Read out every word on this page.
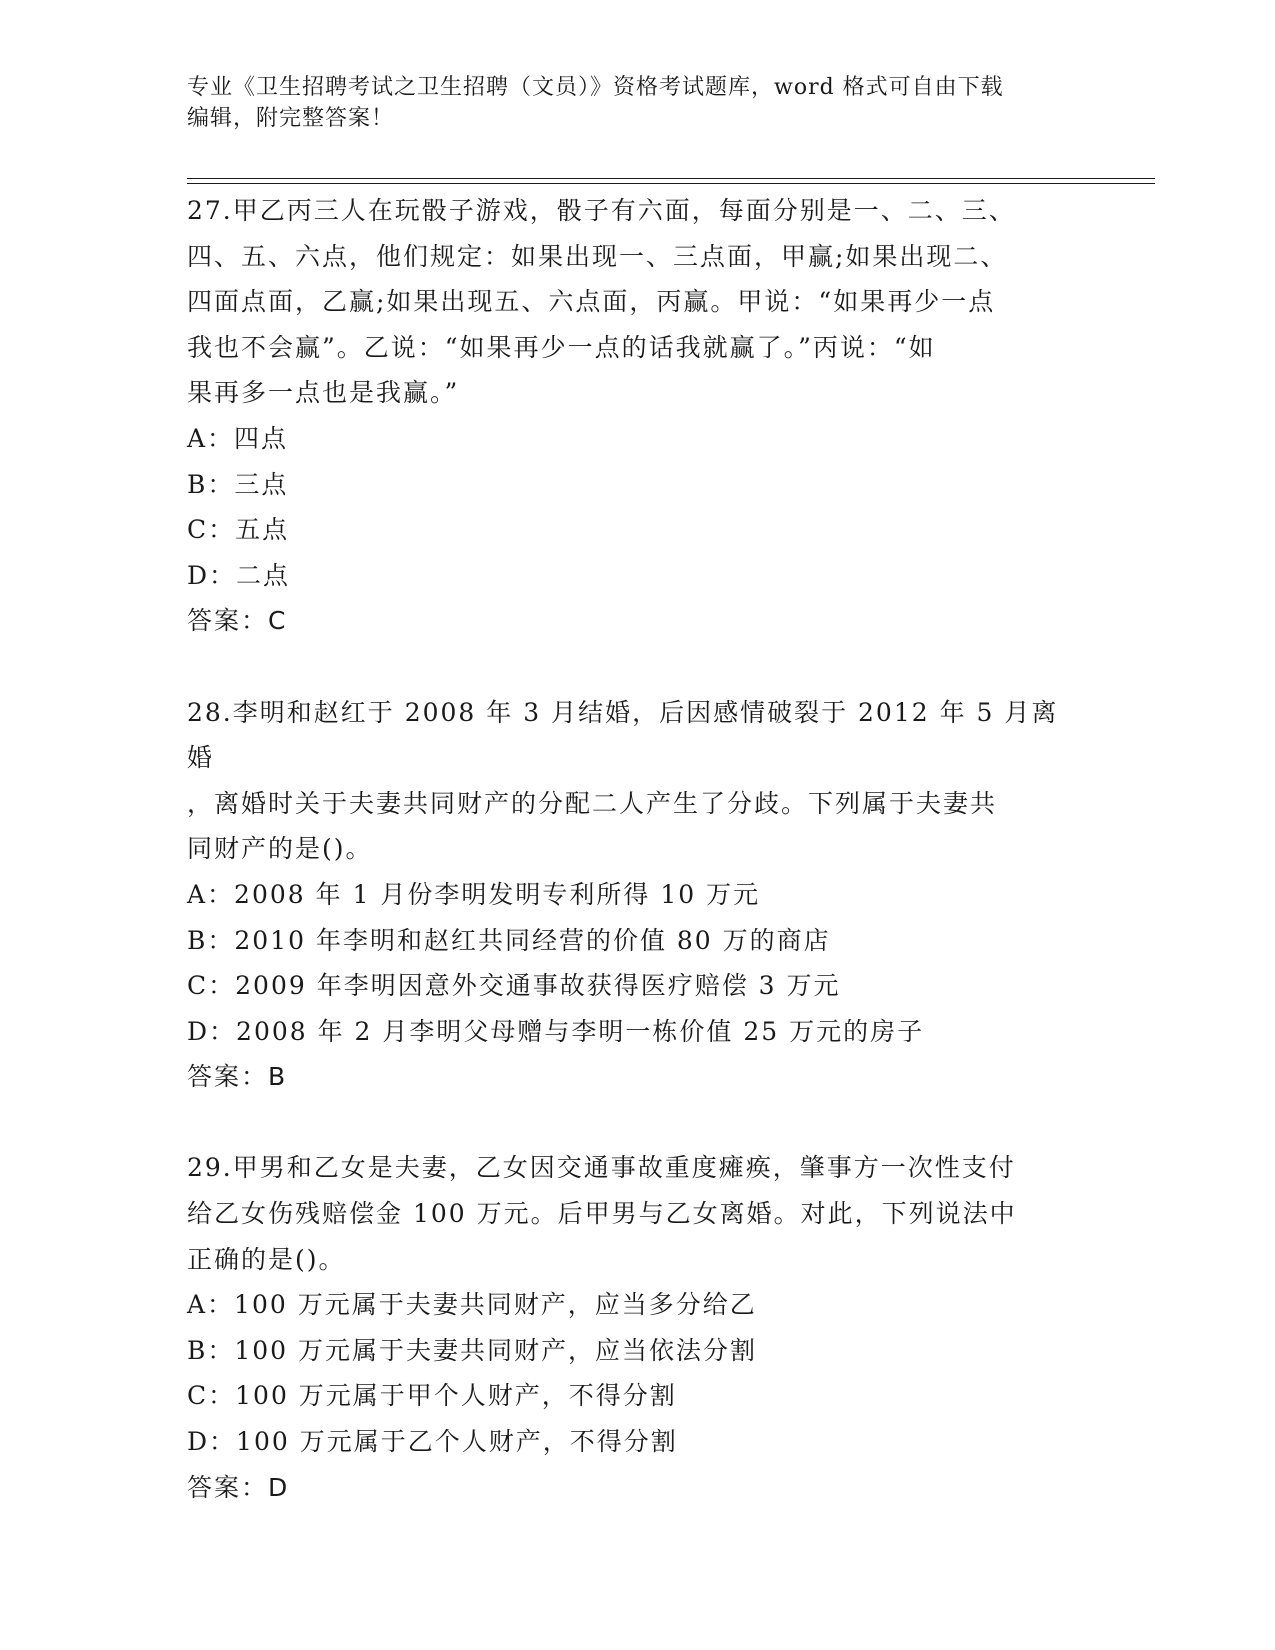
专业《卫生招聘考试之卫生招聘（文员）》资格考试题库，word 格式可自由下载
编辑，附完整答案！

27.甲乙丙三人在玩骰子游戏，骰子有六面，每面分别是一、二、三、

四、五、六点，他们规定：如果出现一、三点面，甲赢;如果出现二、

四面点面，乙赢;如果出现五、六点面，丙赢。甲说：“如果再少一点

我也不会赢”。乙说：“如果再少一点的话我就赢了。”丙说：“如

果再多一点也是我赢。”

A：四点

B：三点

C：五点

D：二点

答案：C

28.李明和赵红于 2008 年 3 月结婚，后因感情破裂于 2012 年 5 月离婚

，离婚时关于夫妻共同财产的分配二人产生了分歧。下列属于夫妻共

同财产的是()。

A：2008 年 1 月份李明发明专利所得 10 万元

B：2010 年李明和赵红共同经营的价值 80 万的商店

C：2009 年李明因意外交通事故获得医疗赔偿 3 万元

D：2008 年 2 月李明父母赠与李明一栋价值 25 万元的房子

答案：B

29.甲男和乙女是夫妻，乙女因交通事故重度瘫痪，肇事方一次性支付

给乙女伤残赔偿金 100 万元。后甲男与乙女离婚。对此，下列说法中

正确的是()。

A：100 万元属于夫妻共同财产，应当多分给乙

B：100 万元属于夫妻共同财产，应当依法分割

C：100 万元属于甲个人财产，不得分割

D：100 万元属于乙个人财产，不得分割

答案：D
